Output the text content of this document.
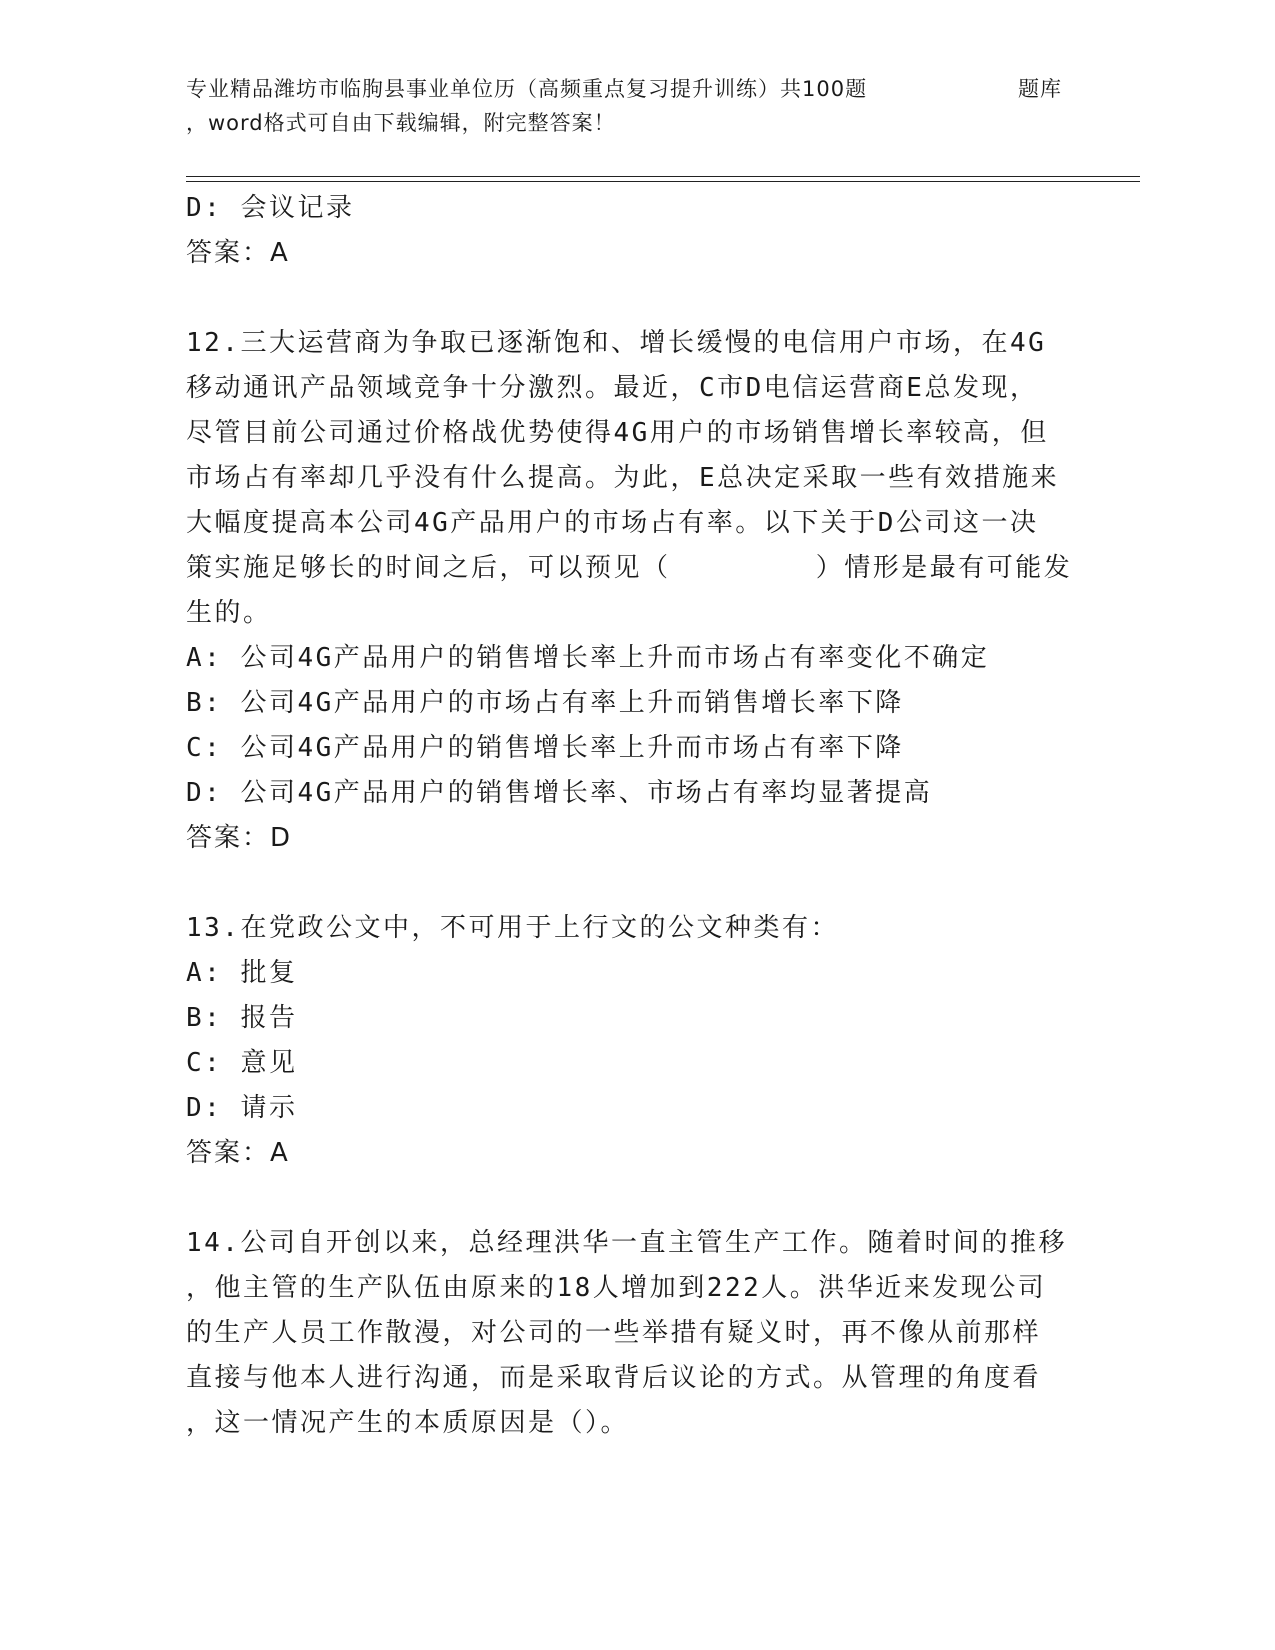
专业精品潍坊市临朐县事业单位历（高频重点复习提升训练）共100题	题库
，word格式可自由下载编辑，附完整答案！

D: 会议记录

答案：A

12.三大运营商为争取已逐渐饱和、增长缓慢的电信用户市场，在4G

移动通讯产品领域竞争十分激烈。最近，C市D电信运营商E总发现，

尽管目前公司通过价格战优势使得4G用户的市场销售增长率较高，但

市场占有率却几乎没有什么提高。为此，E总决定采取一些有效措施来

大幅度提高本公司4G产品用户的市场占有率。以下关于D公司这一决

策实施足够长的时间之后，可以预见（        ）情形是最有可能发

生的。

A: 公司4G产品用户的销售增长率上升而市场占有率变化不确定

B: 公司4G产品用户的市场占有率上升而销售增长率下降

C: 公司4G产品用户的销售增长率上升而市场占有率下降

D: 公司4G产品用户的销售增长率、市场占有率均显著提高

答案：D

13.在党政公文中，不可用于上行文的公文种类有：

A: 批复

B: 报告

C: 意见

D: 请示

答案：A

14.公司自开创以来，总经理洪华一直主管生产工作。随着时间的推移

，他主管的生产队伍由原来的18人增加到222人。洪华近来发现公司

的生产人员工作散漫，对公司的一些举措有疑义时，再不像从前那样

直接与他本人进行沟通，而是采取背后议论的方式。从管理的角度看

，这一情况产生的本质原因是（）。
